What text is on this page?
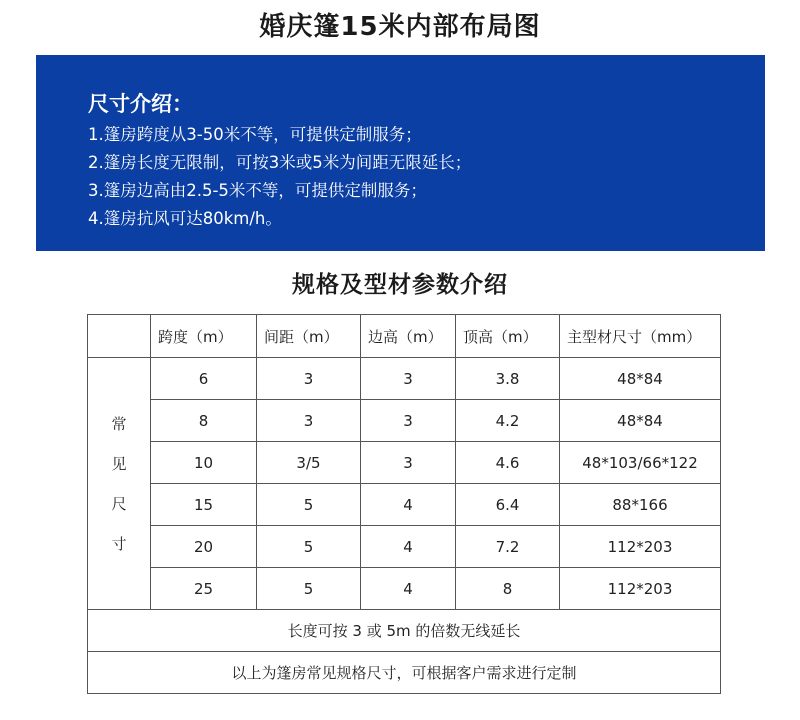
婚庆篷15米内部布局图
尺寸介绍：
1.篷房跨度从3-50米不等，可提供定制服务；
2.篷房长度无限制，可按3米或5米为间距无限延长；
3.篷房边高由2.5-5米不等，可提供定制服务；
4.篷房抗风可达80km/h。
规格及型材参数介绍
	跨度（m）	间距（m）	边高（m）	顶高（m）	主型材尺寸（mm）

常
见
尺
寸	6	3	3	3.8	48*84
	8	3	3	4.2	48*84
	10	3/5	3	4.6	48*103/66*122
	15	5	4	6.4	88*166
	20	5	4	7.2	112*203
	25	5	4	8	112*203
长度可按 3 或 5m 的倍数无线延长					
以上为篷房常见规格尺寸，可根据客户需求进行定制					
